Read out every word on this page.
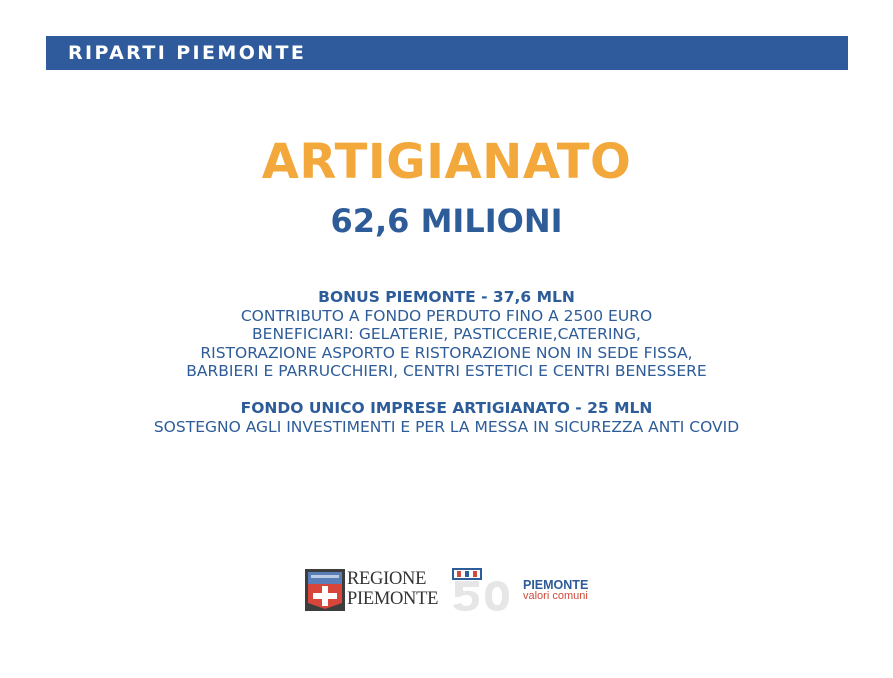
RIPARTI PIEMONTE
ARTIGIANATO
62,6 MILIONI
BONUS PIEMONTE - 37,6 MLN
CONTRIBUTO A FONDO PERDUTO FINO A 2500 EURO
BENEFICIARI: GELATERIE, PASTICCERIE,CATERING,
RISTORAZIONE ASPORTO E RISTORAZIONE NON IN SEDE FISSA,
BARBIERI E PARRUCCHIERI, CENTRI ESTETICI E CENTRI BENESSERE
FONDO UNICO IMPRESE ARTIGIANATO - 25 MLN
SOSTEGNO AGLI INVESTIMENTI E PER LA MESSA IN SICUREZZA ANTI COVID
REGIONE
PIEMONTE
PIEMONTE
valori comuni
